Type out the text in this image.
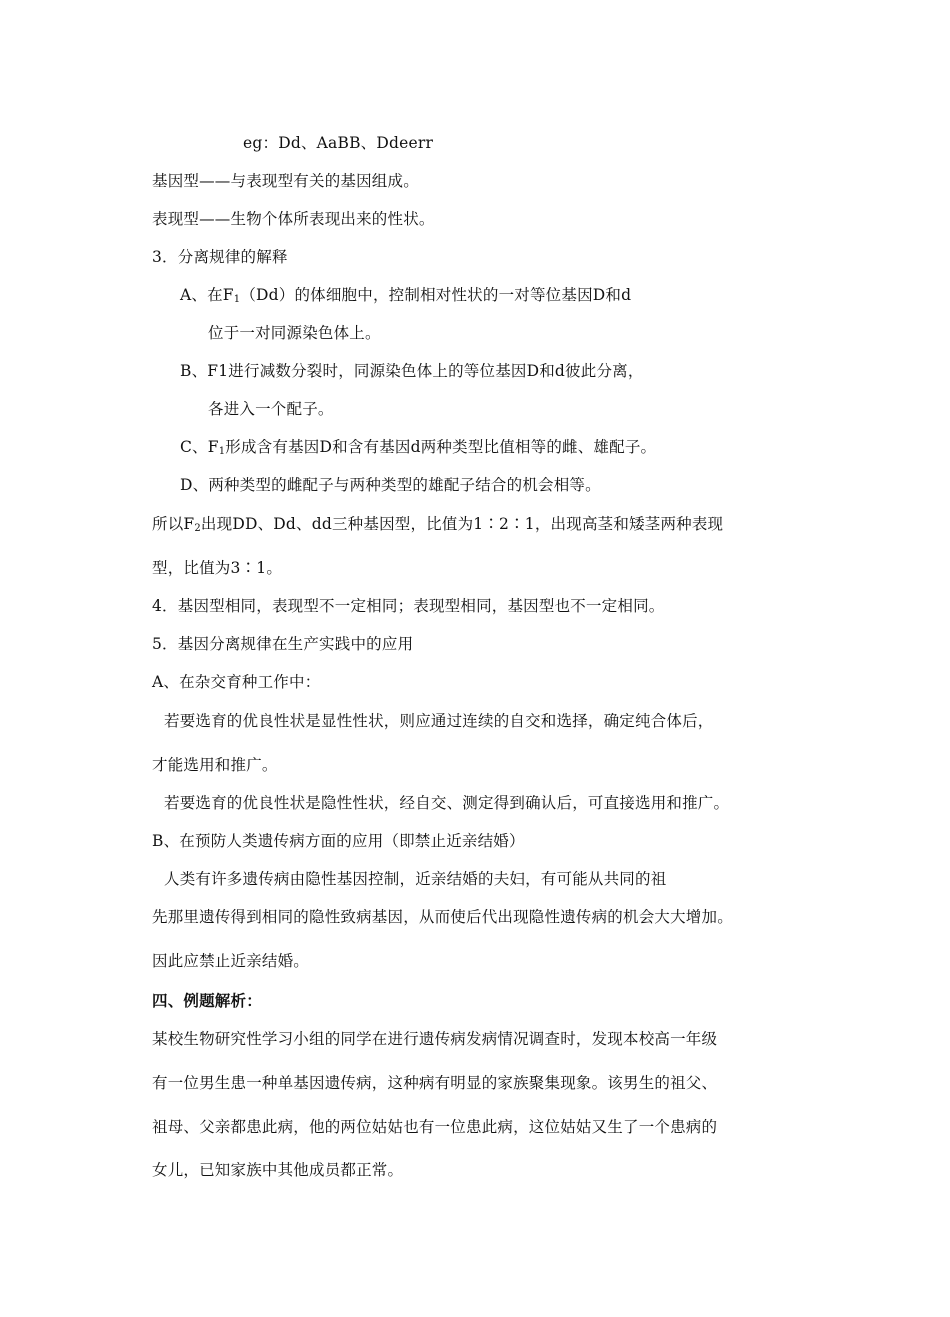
eg：Dd、AaBB、Ddeerr
基因型——与表现型有关的基因组成。
表现型——生物个体所表现出来的性状。
3．分离规律的解释
A、在$F_1(Dd)$的体细胞中，控制相对性状的一对等位基因D和d
位于一对同源染色体上。
B、F1进行减数分裂时，同源染色体上的等位基因D和d彼此分离，
各进入一个配子。
C、$F_1$形成含有基因D和含有基因d两种类型比值相等的雌、雄配子。
D、两种类型的雌配子与两种类型的雄配子结合的机会相等。
所以$F_2$出现DD、Dd、dd三种基因型，比值为1∶2∶1，出现高茎和矮茎两种表现
型，比值为3∶1。
4．基因型相同，表现型不一定相同；表现型相同，基因型也不一定相同。
5．基因分离规律在生产实践中的应用
A、在杂交育种工作中：
若要选育的优良性状是显性性状，则应通过连续的自交和选择，确定纯合体后，
才能选用和推广。
若要选育的优良性状是隐性性状，经自交、测定得到确认后，可直接选用和推广。
B、在预防人类遗传病方面的应用（即禁止近亲结婚）
人类有许多遗传病由隐性基因控制，近亲结婚的夫妇，有可能从共同的祖
先那里遗传得到相同的隐性致病基因，从而使后代出现隐性遗传病的机会大大增加。
因此应禁止近亲结婚。
四、例题解析：
某校生物研究性学习小组的同学在进行遗传病发病情况调查时，发现本校高一年级
有一位男生患一种单基因遗传病，这种病有明显的家族聚集现象。该男生的祖父、
祖母、父亲都患此病，他的两位姑姑也有一位患此病，这位姑姑又生了一个患病的
女儿，已知家族中其他成员都正常。
